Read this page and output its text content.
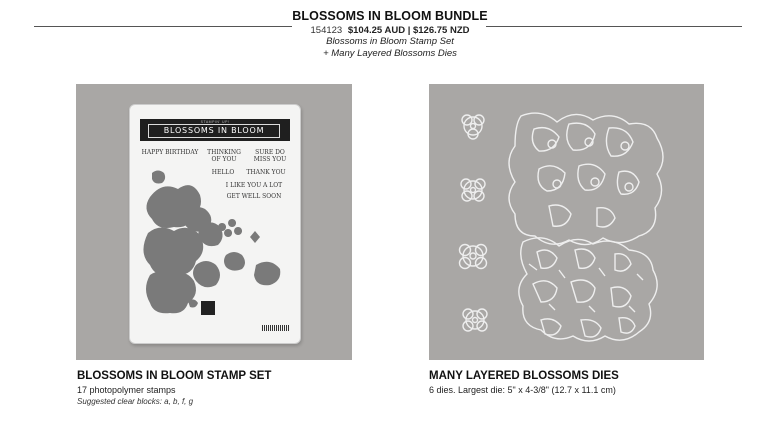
BLOSSOMS IN BLOOM BUNDLE
154123 $104.25 AUD | $126.75 NZD
Blossoms in Bloom Stamp Set
+ Many Layered Blossoms Dies
STAMPIN' UP!
BLOSSOMS IN BLOOM
HAPPY BIRTHDAY	THINKING OF YOU
SURE DO MISS YOU
HELLO	THANK YOU
I LIKE YOU A LOT
GET WELL SOON
BLOSSOMS IN BLOOM STAMP SET
17 photopolymer stamps
Suggested clear blocks: a, b, f, g
MANY LAYERED BLOSSOMS DIES
6 dies. Largest die: 5" x 4-3/8" (12.7 x 11.1 cm)
